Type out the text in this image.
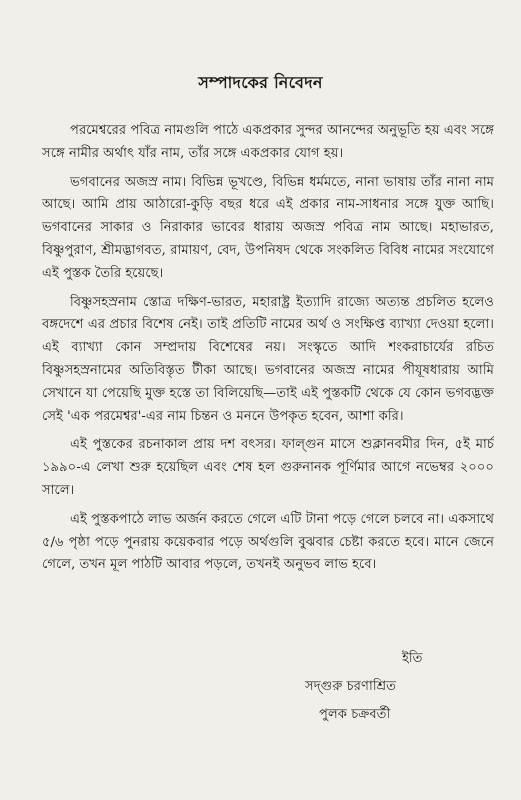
সম্পাদকের নিবেদন

পরমেশ্বরের পবিত্র নামগুলি পাঠে একপ্রকার সুন্দর আনন্দের অনুভূতি হয় এবং সঙ্গে সঙ্গে নামীর অর্থাৎ যাঁর নাম, তাঁর সঙ্গে একপ্রকার যোগ হয়।

ভগবানের অজস্র নাম। বিভিন্ন ভূখণ্ডে, বিভিন্ন ধর্মমতে, নানা ভাষায় তাঁর নানা নাম আছে। আমি প্রায় আঠারো-কুড়ি বছর ধরে এই প্রকার নাম-সাধনার সঙ্গে যুক্ত আছি। ভগবানের সাকার ও নিরাকার ভাবের ধারায় অজস্র পবিত্র নাম আছে। মহাভারত, বিষ্ণুপুরাণ, শ্রীমদ্ভাগবত, রামায়ণ, বেদ, উপনিষদ থেকে সংকলিত বিবিধ নামের সংযোগে এই পুস্তক তৈরি হয়েছে।

বিষ্ণুসহস্রনাম স্তোত্র দক্ষিণ-ভারত, মহারাষ্ট্র ইত্যাদি রাজ্যে অত্যন্ত প্রচলিত হলেও বঙ্গদেশে এর প্রচার বিশেষ নেই। তাই প্রতিটি নামের অর্থ ও সংক্ষিপ্ত ব্যাখ্যা দেওয়া হলো। এই ব্যাখ্যা কোন সম্প্রদায় বিশেষের নয়। সংস্কৃতে আদি শংকরাচার্যের রচিত বিষ্ণুসহস্রনামের অতিবিস্তৃত টীকা আছে। ভগবানের অজস্র নামের পীযূষধারায় আমি সেখানে যা পেয়েছি মুক্ত হস্তে তা বিলিয়েছি—তাই এই পুস্তকটি থেকে যে কোন ভগবদ্ভক্ত সেই 'এক পরমেশ্বর'-এর নাম চিন্তন ও মননে উপকৃত হবেন, আশা করি।

এই পুস্তকের রচনাকাল প্রায় দশ বৎসর। ফাল্গুন মাসে শুক্লানবমীর দিন, ৫ই মার্চ ১৯৯০-এ লেখা শুরু হয়েছিল এবং শেষ হল গুরুনানক পূর্ণিমার আগে নভেম্বর ২০০০ সালে।

এই পুস্তকপাঠে লাভ অর্জন করতে গেলে এটি টানা পড়ে গেলে চলবে না। একসাথে ৫/৬ পৃষ্ঠা পড়ে পুনরায় কয়েকবার পড়ে অর্থগুলি বুঝবার চেষ্টা করতে হবে। মানে জেনে গেলে, তখন মূল পাঠটি আবার পড়লে, তখনই অনুভব লাভ হবে।

ইতি
সদ্গুরু চরণাশ্রিত
পুলক চক্রবর্তী
